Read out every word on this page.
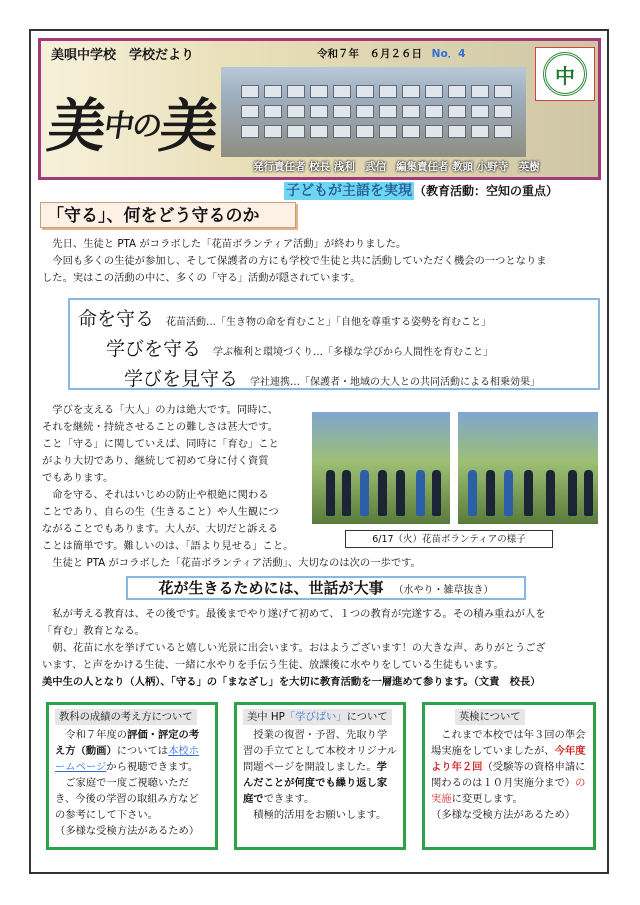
美唄中学校　学校だより	令和７年　６月２６日 No．4
美中の美
中
発行責任者 校長 浅利　武信 編集責任者 教頭 小野寺　英樹
子どもが主語を実現 （教育活動：空知の重点）
「守る」、何をどう守るのか
　先日、生徒と PTA がコラボした「花苗ボランティア活動」が終わりました。
　今回も多くの生徒が参加し、そして保護者の方にも学校で生徒と共に活動していただく機会の一つとなりま
した。実はこの活動の中に、多くの「守る」活動が隠されています。
命を守る 花苗活動…「生き物の命を育むこと」「自他を尊重する姿勢を育むこと」
学びを守る 学ぶ権利と環境づくり…「多様な学びから人間性を育むこと」
学びを見守る 学社連携…「保護者・地域の大人との共同活動による相乗効果」
　学びを支える「大人」の力は絶大です。同時に、
それを継続・持続させることの難しさは甚大です。
こと「守る」に関していえば、同時に「育む」こと
がより大切であり、継続して初めて身に付く資質
でもあります。
　命を守る、それはいじめの防止や根絶に関わる
ことであり、自らの生（生きること）や人生観につ
ながることでもあります。大人が、大切だと訴える
ことは簡単です。難しいのは、「語より見せる」こと。
　生徒と PTA がコラボした「花苗ボランティア活動」、大切なのは次の一歩です。
6/17（火）花苗ボランティアの様子
花が生きるためには、世話が大事 （水やり・雑草抜き）
　私が考える教育は、その後です。最後までやり遂げて初めて、１つの教育が完遂する。その積み重ねが人を
「育む」教育となる。
　朝、花苗に水を挙げていると嬉しい光景に出会います。おはようございます！の大きな声、ありがとうござ
います、と声をかける生徒、一緒に水やりを手伝う生徒、放課後に水やりをしている生徒もいます。
美中生の人となり（人柄）、「守る」の「まなざし」を大切に教育活動を一層進めて参ります。（文責　校長）
教科の成績の考え方について
　令和７年度の評価・評定の考え方（動画）については本校ホームページから視聴できます。
　ご家庭で一度ご視聴いただき、今後の学習の取組み方などの参考にして下さい。
（多様な受検方法があるため）
美中 HP「学びばい」について
　授業の復習・予習、先取り学習の手立てとして本校オリジナル問題ページを開設しました。学んだことが何度でも繰り返し家庭でできます。
　積極的活用をお願いします。
英検について
　これまで本校では年３回の準会場実施をしていましたが、今年度より年２回（受験等の資格申請に関わるのは１０月実施分まで）の実施に変更します。
（多様な受検方法があるため）
